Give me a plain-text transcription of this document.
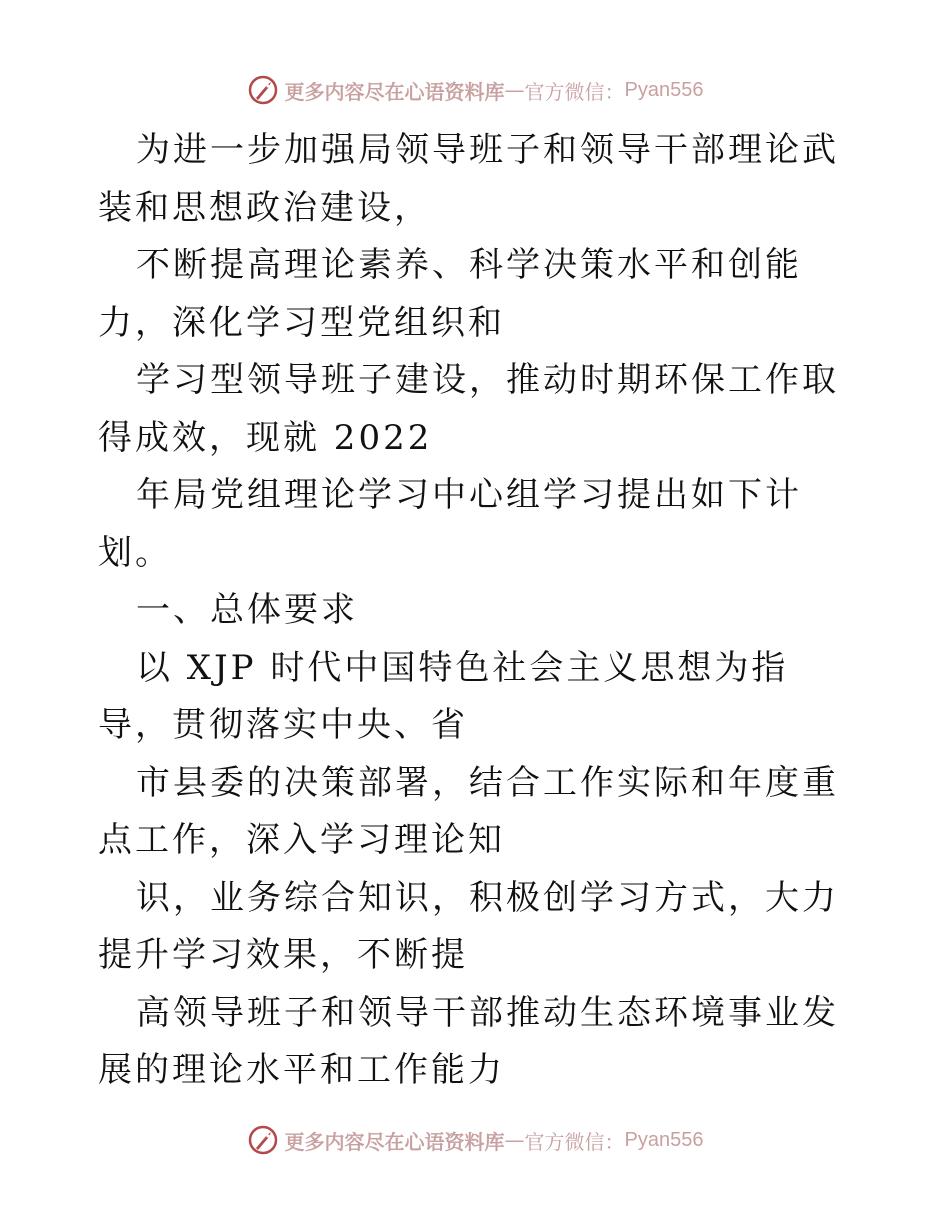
更多内容尽在心语资料库 — 官方微信： Pyan556

为进一步加强局领导班子和领导干部理论武装和思想政治建设，

不断提高理论素养、科学决策水平和创能力，深化学习型党组织和

学习型领导班子建设，推动时期环保工作取得成效，现就 2022

年局党组理论学习中心组学习提出如下计划。

一、总体要求

以 XJP 时代中国特色社会主义思想为指导，贯彻落实中央、省

市县委的决策部署，结合工作实际和年度重点工作，深入学习理论知

识，业务综合知识，积极创学习方式，大力提升学习效果，不断提

高领导班子和领导干部推动生态环境事业发展的理论水平和工作能力

更多内容尽在心语资料库 — 官方微信： Pyan556
